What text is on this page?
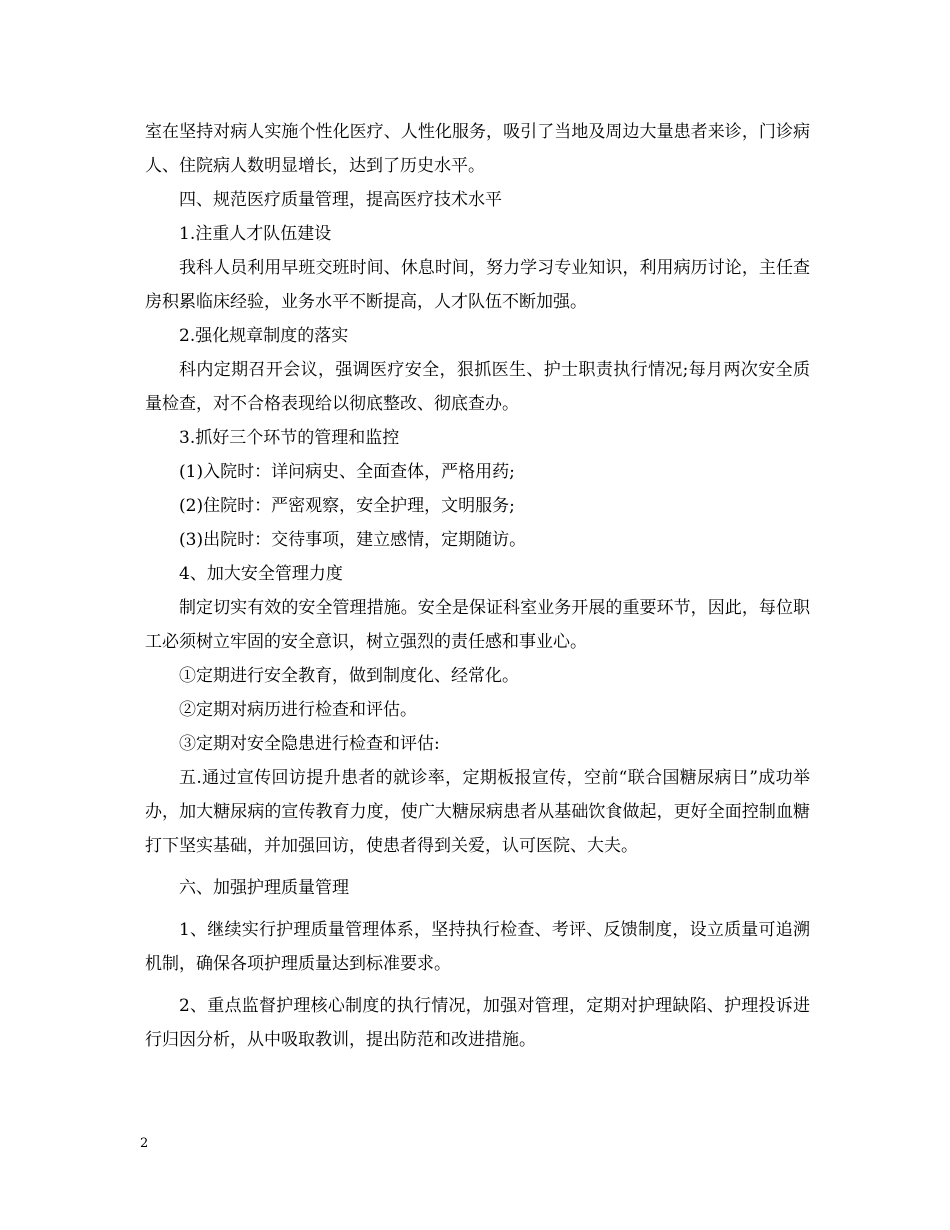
室在坚持对病人实施个性化医疗、人性化服务，吸引了当地及周边大量患者来诊，门诊病人、住院病人数明显增长，达到了历史水平。

四、规范医疗质量管理，提高医疗技术水平

1.注重人才队伍建设

我科人员利用早班交班时间、休息时间，努力学习专业知识，利用病历讨论，主任查房积累临床经验，业务水平不断提高，人才队伍不断加强。

2.强化规章制度的落实

科内定期召开会议，强调医疗安全，狠抓医生、护士职责执行情况;每月两次安全质量检查，对不合格表现给以彻底整改、彻底查办。

3.抓好三个环节的管理和监控

(1)入院时：详问病史、全面查体，严格用药;

(2)住院时：严密观察，安全护理，文明服务;

(3)出院时：交待事项，建立感情，定期随访。

4、加大安全管理力度

制定切实有效的安全管理措施。安全是保证科室业务开展的重要环节，因此，每位职工必须树立牢固的安全意识，树立强烈的责任感和事业心。

①定期进行安全教育，做到制度化、经常化。

②定期对病历进行检查和评估。

③定期对安全隐患进行检查和评估:

五.通过宣传回访提升患者的就诊率，定期板报宣传，空前“联合国糖尿病日”成功举办，加大糖尿病的宣传教育力度，使广大糖尿病患者从基础饮食做起，更好全面控制血糖打下坚实基础，并加强回访，使患者得到关爱，认可医院、大夫。

六、加强护理质量管理

1、继续实行护理质量管理体系，坚持执行检查、考评、反馈制度，设立质量可追溯机制，确保各项护理质量达到标准要求。

2、重点监督护理核心制度的执行情况，加强对管理，定期对护理缺陷、护理投诉进行归因分析，从中吸取教训，提出防范和改进措施。

2
